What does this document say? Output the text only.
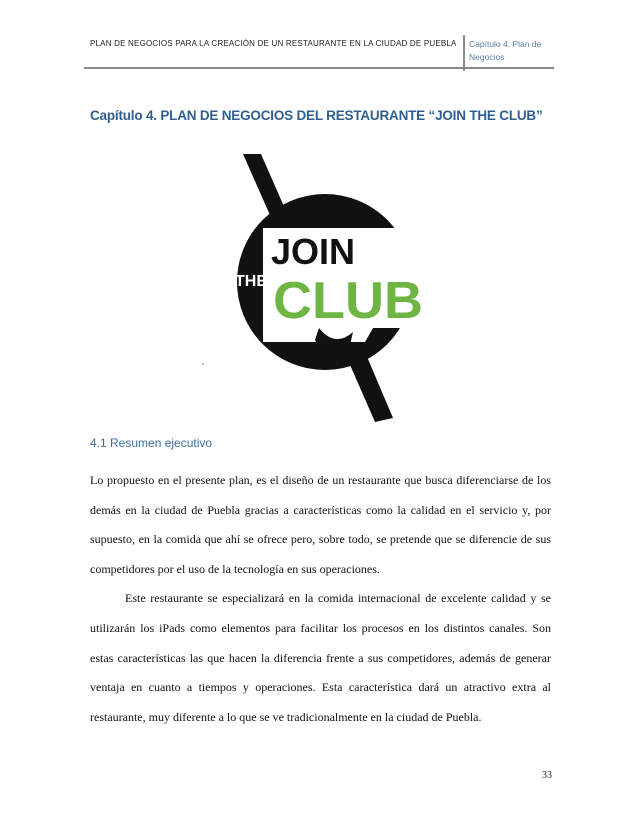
PLAN DE NEGOCIOS PARA LA CREACIÓN DE UN RESTAURANTE EN LA CIUDAD DE PUEBLA	Capítulo 4. Plan de
Negocios
Capítulo 4. PLAN DE NEGOCIOS DEL RESTAURANTE “JOIN THE CLUB”
JOIN
THE CLUB
´
4.1 Resumen ejecutivo

Lo propuesto en el presente plan, es el diseño de un restaurante que busca diferenciarse de los demás en la ciudad de Puebla gracias a características como la calidad en el servicio y, por supuesto, en la comida que ahí se ofrece pero, sobre todo, se pretende que se diferencie de sus competidores por el uso de la tecnología en sus operaciones.

Este restaurante se especializará en la comida internacional de excelente calidad y se utilizarán los iPads como elementos para facilitar los procesos en los distintos canales. Son estas características las que hacen la diferencia frente a sus competidores, además de generar ventaja en cuanto a tiempos y operaciones. Esta característica dará un atractivo extra al restaurante, muy diferente a lo que se ve tradicionalmente en la ciudad de Puebla.

33
